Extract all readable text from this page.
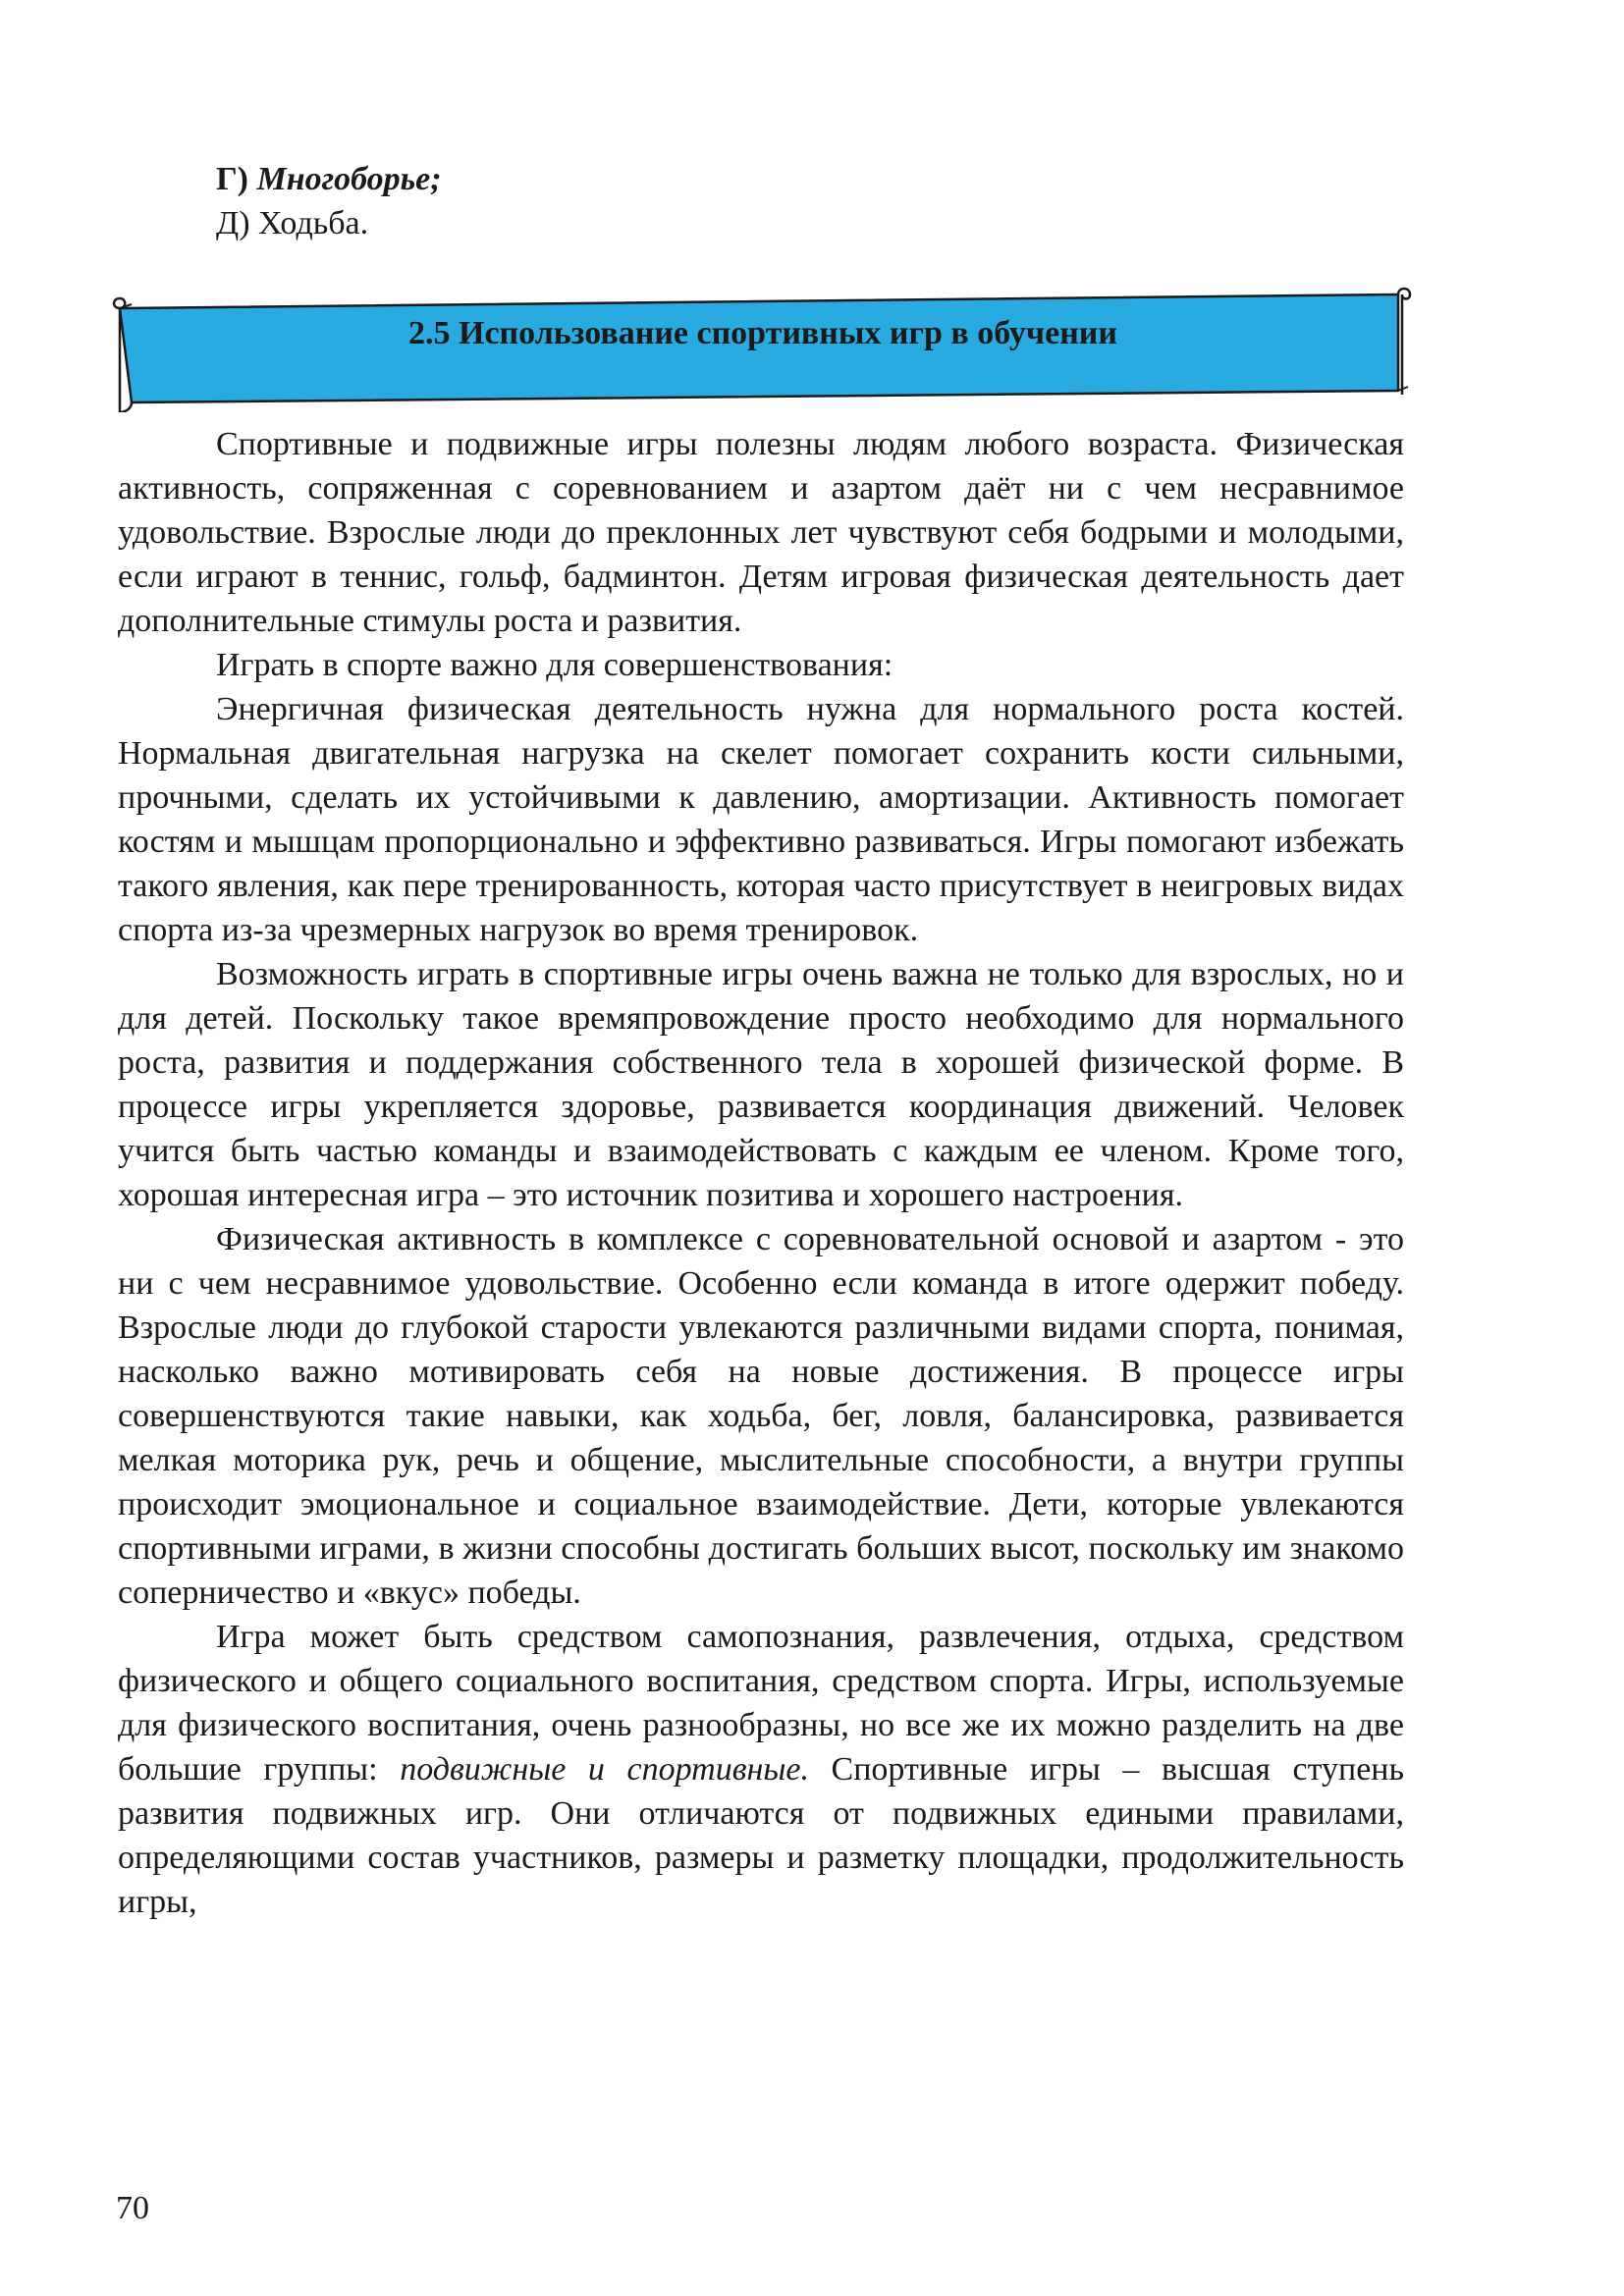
Г) Многоборье;
Д) Ходьба.
2.5 Использование спортивных игр в обучении

Спортивные и подвижные игры полезны людям любого возраста. Физическая активность, сопряженная с соревнованием и азартом даёт ни с чем несравнимое удовольствие. Взрослые люди до преклонных лет чувствуют себя бодрыми и молодыми, если играют в теннис, гольф, бадминтон. Детям игровая физическая деятельность дает дополнительные стимулы роста и развития.

Играть в спорте важно для совершенствования:

Энергичная физическая деятельность нужна для нормального роста костей. Нормальная двигательная нагрузка на скелет помогает сохранить кости сильными, прочными, сделать их устойчивыми к давлению, амортизации. Активность помогает костям и мышцам пропорционально и эффективно развиваться. Игры помогают избежать такого явления, как пере тренированность, которая часто присутствует в неигровых видах спорта из-за чрезмерных нагрузок во время тренировок.

Возможность играть в спортивные игры очень важна не только для взрослых, но и для детей. Поскольку такое времяпровождение просто необходимо для нормального роста, развития и поддержания собственного тела в хорошей физической форме. В процессе игры укрепляется здоровье, развивается координация движений. Человек учится быть частью команды и взаимодействовать с каждым ее членом. Кроме того, хорошая интересная игра – это источник позитива и хорошего настроения.

Физическая активность в комплексе с соревновательной основой и азартом - это ни с чем несравнимое удовольствие. Особенно если команда в итоге одержит победу. Взрослые люди до глубокой старости увлекаются различными видами спорта, понимая, насколько важно мотивировать себя на новые достижения. В процессе игры совершенствуются такие навыки, как ходьба, бег, ловля, балансировка, развивается мелкая моторика рук, речь и общение, мыслительные способности, а внутри группы происходит эмоциональное и социальное взаимодействие. Дети, которые увлекаются спортивными играми, в жизни способны достигать больших высот, поскольку им знакомо соперничество и «вкус» победы.

Игра может быть средством самопознания, развлечения, отдыха, средством физического и общего социального воспитания, средством спорта. Игры, используемые для физического воспитания, очень разнообразны, но все же их можно разделить на две большие группы: подвижные и спортивные. Спортивные игры – высшая ступень развития подвижных игр. Они отличаются от подвижных едиными правилами, определяющими состав участников, размеры и разметку площадки, продолжительность игры,

70
